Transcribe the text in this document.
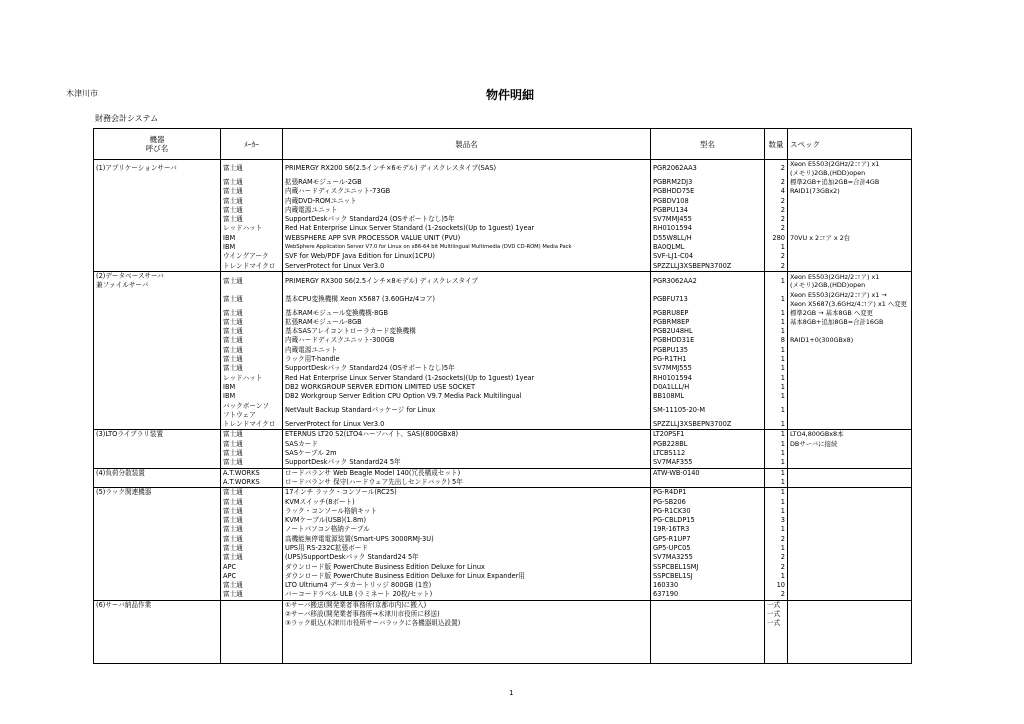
木津川市	物件明細
財務会計システム
機器
呼び名	ﾒｰｶｰ	製品名	型名	数量	スペック
(1)アプリケーションサーバ	富士通	PRIMERGY RX200 S6(2.5インチ×6モデル) ディスクレスタイプ(SAS)	PGR2062AA3	2	Xeon E5503(2GHz/2コア) x1
(メモリ)2GB,(HDD)open
	富士通	拡張RAMモジュール-2GB	PGBRM2DJ3	2	標準2GB+追加2GB=合計4GB
	富士通	内蔵ハードディスクユニット-73GB	PGBHDD75E	4	RAID1(73GBx2)
	富士通	内蔵DVD-ROMユニット	PGBDV108	2	
	富士通	内蔵電源ユニット	PGBPU134	2	
	富士通	SupportDeskパック Standard24 (OSサポートなし)5年	SV7MMJ455	2	
	レッドハット	Red Hat Enterprise Linux Server Standard (1-2sockets)(Up to 1guest) 1year	RH0101594	2	
	IBM	WEBSPHERE APP SVR PROCESSOR VALUE UNIT (PVU)	D55W8LL/H	280	70VU x 2コア x 2台
	IBM	WebSphere Application Server V7.0 for Linux on x86-64 bit Multilingual Multimedia (DVD CD-ROM) Media Pack	BA0QLML	1	
	ウイングアーク	SVF for Web/PDF Java Edition for Linux(1CPU)	SVF-LJ1-C04	2	
	トレンドマイクロ	ServerProtect for Linux Ver3.0	SPZZLLJ3XSBEPN3700Z	2	
(2)データベースサーバ
兼ファイルサーバ	富士通	PRIMERGY RX300 S6(2.5インチ×8モデル) ディスクレスタイプ	PGR3062AA2	1	Xeon E5503(2GHz/2コア) x1
(メモリ)2GB,(HDD)open
	富士通	基本CPU変換機構 Xeon X5687 (3.60GHz/4コア)	PGBFU713	1	Xeon E5503(2GHz/2コア) x1 →
Xeon X5687(3.6GHz/4コア) x1 へ変更
	富士通	基本RAMモジュール変換機構-8GB	PGBRU8EP	1	標準2GB → 基本8GB へ変更
	富士通	拡張RAMモジュール-8GB	PGBRM8EP	1	基本8GB+追加8GB=合計16GB
	富士通	基本SASアレイコントローラカード変換機構	PGB2U48HL	1	
	富士通	内蔵ハードディスクユニット-300GB	PGBHDD31E	8	RAID1+0(300GBx8)
	富士通	内蔵電源ユニット	PGBPU135	1	
	富士通	ラック用T-handle	PG-R1TH1	1	
	富士通	SupportDeskパック Standard24 (OSサポートなし)5年	SV7MMJ555	1	
	レッドハット	Red Hat Enterprise Linux Server Standard (1-2sockets)(Up to 1guest) 1year	RH0101594	1	
	IBM	DB2 WORKGROUP SERVER EDITION LIMITED USE SOCKET	D0A1LLL/H	1	
	IBM	DB2 Workgroup Server Edition CPU Option V9.7 Media Pack Multilingual	BB108ML	1	
	バックボーンソ
フトウェア	NetVault Backup Standardパッケージ for Linux	SM-11105-20-M	1	
	トレンドマイクロ	ServerProtect for Linux Ver3.0	SPZZLLJ3XSBEPN3700Z	1	
(3)LTOライブラリ装置	富士通	ETERNUS LT20 S2(LTO4ハーフハイト、SAS)(800GBx8)	LT20PSF1	1	LTO4,800GBx8本
	富士通	SASカード	PGB228BL	1	DBサーバに接続
	富士通	SASケーブル 2m	LTCBS112	1	
	富士通	SupportDeskパック Standard24 5年	SV7MAF355	1	
(4)負荷分散装置	A.T.WORKS	ロードバランサ Web Beagle Model 140(冗長構成セット)	ATW-WB-0140	1	
	A.T.WORKS	ロードバランサ 保守(ハードウェア先出しセンドバック) 5年		1	
(5)ラック関連機器	富士通	17インチ ラック・コンソール(RC25)	PG-R4DP1	1	
	富士通	KVMスイッチ(8ポート)	PG-SB206	1	
	富士通	ラック・コンソール格納キット	PG-R1CK30	1	
	富士通	KVMケーブル(USB)(1.8m)	PG-CBLDP15	3	
	富士通	ノートパソコン格納テーブル	19R-16TR3	1	
	富士通	高機能無停電電源装置(Smart-UPS 3000RMJ-3U)	GP5-R1UP7	2	
	富士通	UPS用 RS-232C拡張ボード	GP5-UPC05	1	
	富士通	(UPS)SupportDeskパック Standard24 5年	SV7MA3255	2	
	APC	ダウンロード版 PowerChute Business Edition Deluxe for Linux	SSPCBEL1SMJ	2	
	APC	ダウンロード版 PowerChute Business Edition Deluxe for Linux Expander用	SSPCBEL1SJ	1	
	富士通	LTO Ultrium4 データカートリッジ 800GB (1巻)	160330	10	
	富士通	バーコードラベル ULB (ラミネート 20枚/セット)	637190	2	
(6)サーバ納品作業		①サーバ搬送(開発業者事務所(京都市内)に搬入)		一式	
		②サーバ移設(開発業者事務所→木津川市役所に移送)		一式	
		③ラック組込(木津川市役所サーバラックに各機器組込設置)		一式	

1
